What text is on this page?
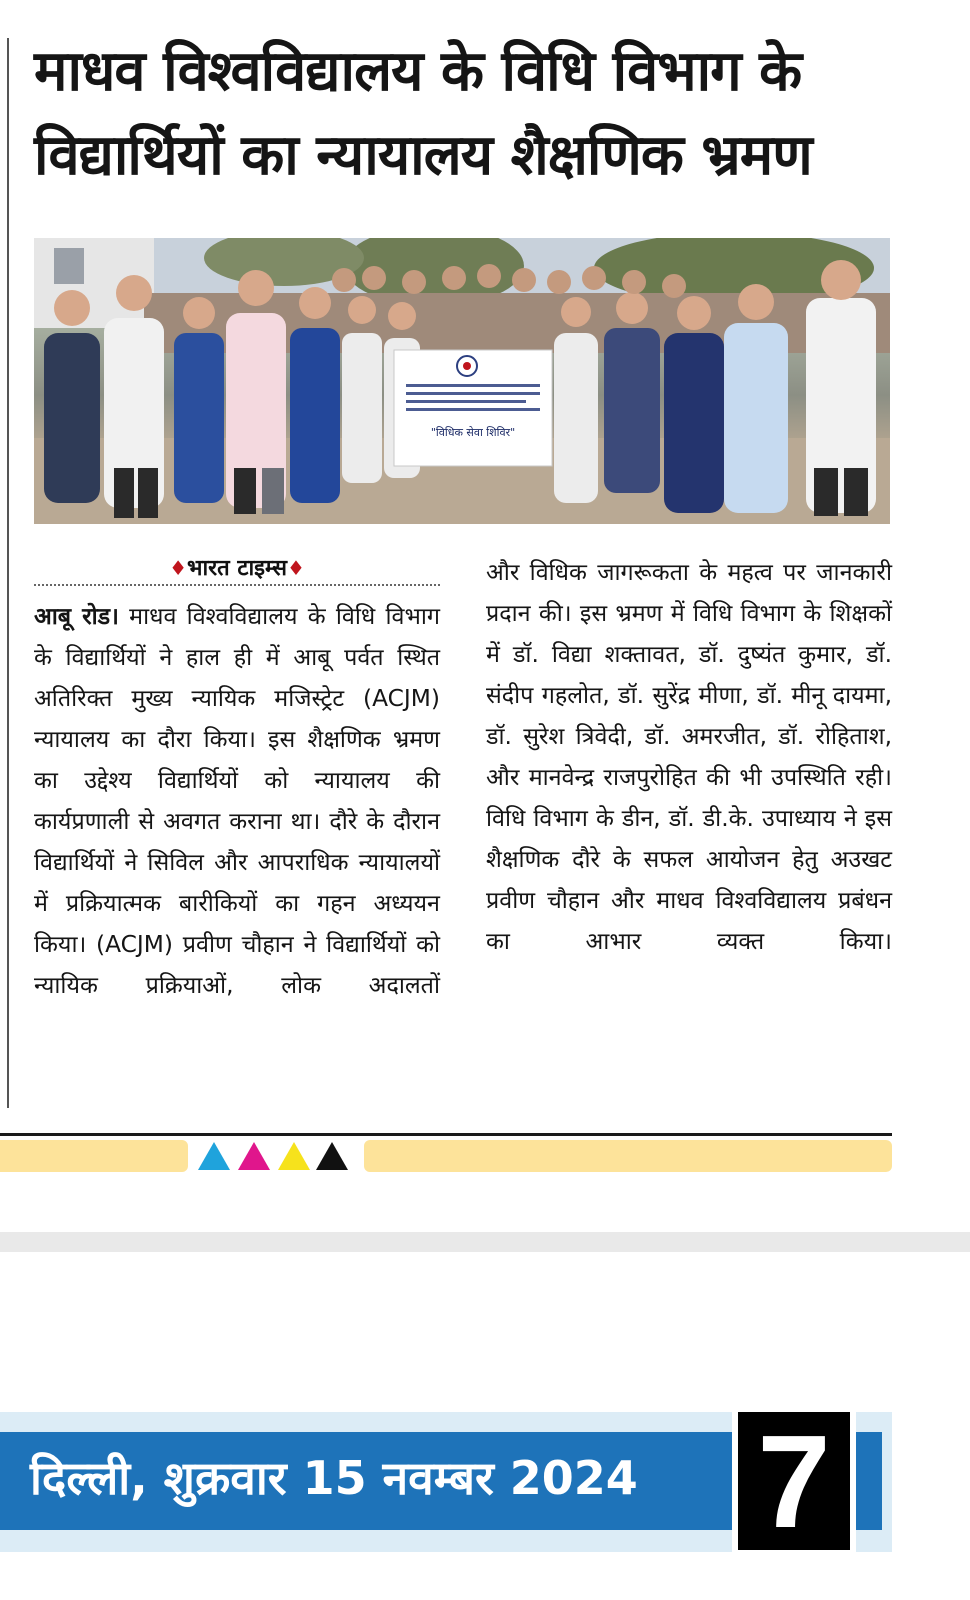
माधव विश्वविद्यालय के विधि विभाग के विद्यार्थियों का न्यायालय शैक्षणिक भ्रमण
"विधिक सेवा शिविर"
♦भारत टाइम्स♦

आबू रोड। माधव विश्वविद्यालय के विधि विभाग के विद्यार्थियों ने हाल ही में आबू पर्वत स्थित अतिरिक्त मुख्य न्यायिक मजिस्ट्रेट (ACJM) न्यायालय का दौरा किया। इस शैक्षणिक भ्रमण का उद्देश्य विद्यार्थियों को न्यायालय की कार्यप्रणाली से अवगत कराना था। दौरे के दौरान विद्यार्थियों ने सिविल और आपराधिक न्यायालयों में प्रक्रियात्मक बारीकियों का गहन अध्ययन किया। (ACJM) प्रवीण चौहान ने विद्यार्थियों को न्यायिक प्रक्रियाओं, लोक अदालतों

और विधिक जागरूकता के महत्व पर जानकारी प्रदान की। इस भ्रमण में विधि विभाग के शिक्षकों में डॉ. विद्या शक्तावत, डॉ. दुष्यंत कुमार, डॉ. संदीप गहलोत, डॉ. सुरेंद्र मीणा, डॉ. मीनू दायमा, डॉ. सुरेश त्रिवेदी, डॉ. अमरजीत, डॉ. रोहिताश, और मानवेन्द्र राजपुरोहित की भी उपस्थिति रही। विधि विभाग के डीन, डॉ. डी.के. उपाध्याय ने इस शैक्षणिक दौरे के सफल आयोजन हेतु अउखट प्रवीण चौहान और माधव विश्वविद्यालय प्रबंधन का आभार व्यक्त किया।

दिल्ली, शुक्रवार 15 नवम्बर 2024 7
